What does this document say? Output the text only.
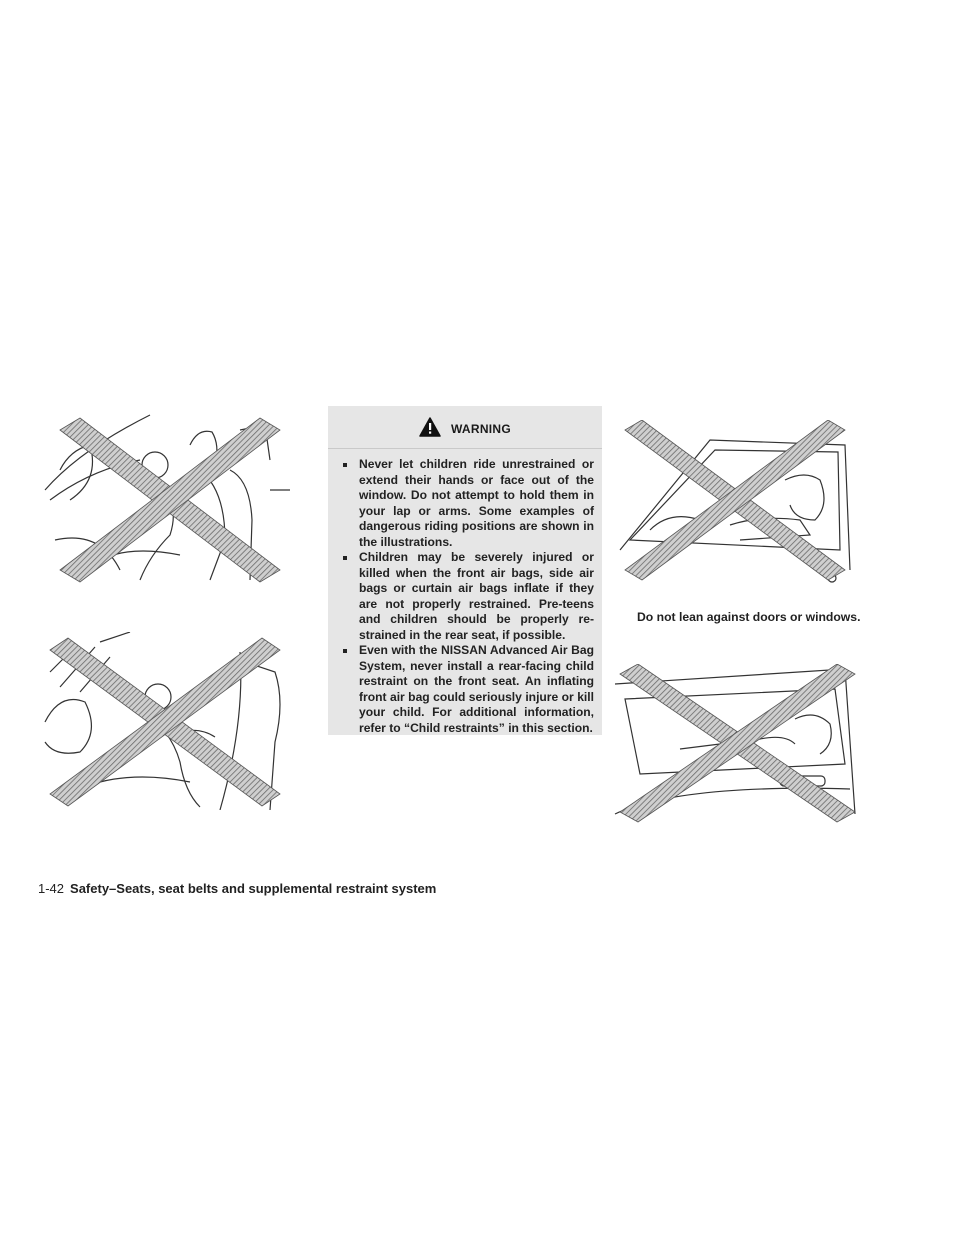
WARNING
Never let children ride unrestrained or extend their hands or face out of the window. Do not attempt to hold them in your lap or arms. Some examples of dangerous riding positions are shown in the illustrations.
Children may be severely injured or killed when the front air bags, side air bags or curtain air bags inflate if they are not properly restrained. Pre-teens and children should be properly re-strained in the rear seat, if possible.
Even with the NISSAN Advanced Air Bag System, never install a rear-facing child restraint on the front seat. An inflating front air bag could seriously injure or kill your child. For additional information, refer to “Child restraints” in this section.
Do not lean against doors or windows.
1-42 Safety–Seats, seat belts and supplemental restraint system
